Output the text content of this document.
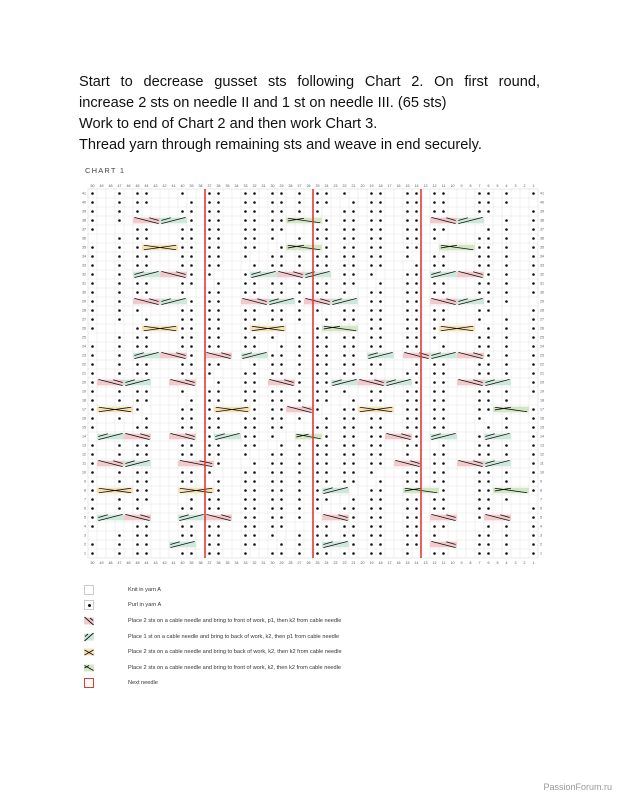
Start to decrease gusset sts following Chart 2. On first round,

increase 2 sts on needle II and 1 st on needle III. (65 sts)

Work to end of Chart 2 and then work Chart 3.

Thread yarn through remaining sts and weave in end securely.

CHART 1
50
50
49
49
48
48
47
47
46
46
45
45
44
44
43
43
42
42
41
41
40
40
39
39
38
38
37
37
36
36
35
35
34
34
33
33
32
32
31
31
30
30
29
29
28
28
27
27
26
26
25
25
24
24
23
23
22
22
21
21
20
20
19
19
18
18
17
17
16
16
15
15
14
14
13
13
12
12
11
11
10
10
9
9
8
8
7
7
6
6
5
5
4
4
3
3
2
2
1
1
41	41
40	40
39	39
38	38
37	37
36	36
35	35
34	34
33	33
32	32
31	31
30	30
29	29
28	28
27	27
26	26
25	25
24	24
23	23
22	22
21	21
20	20
19	19
18	18
17	17
16	16
15	15
14	14
13	13
12	12
11	11
10	10
9	9
8	8
7	7
6	6
5	5
4	4
3	3
2	2
1	1
Knit in yarn A
Purl in yarn A
Place 2 sts on a cable needle and bring to front of work, p1, then k2 from cable needle
Place 1 st on a cable needle and bring to back of work, k2, then p1 from cable needle
Place 2 sts on a cable needle and bring to back of work, k2, then k2 from cable needle
Place 2 sts on a cable needle and bring to front of work, k2, then k2 from cable needle
Next needle
PassionForum.ru
